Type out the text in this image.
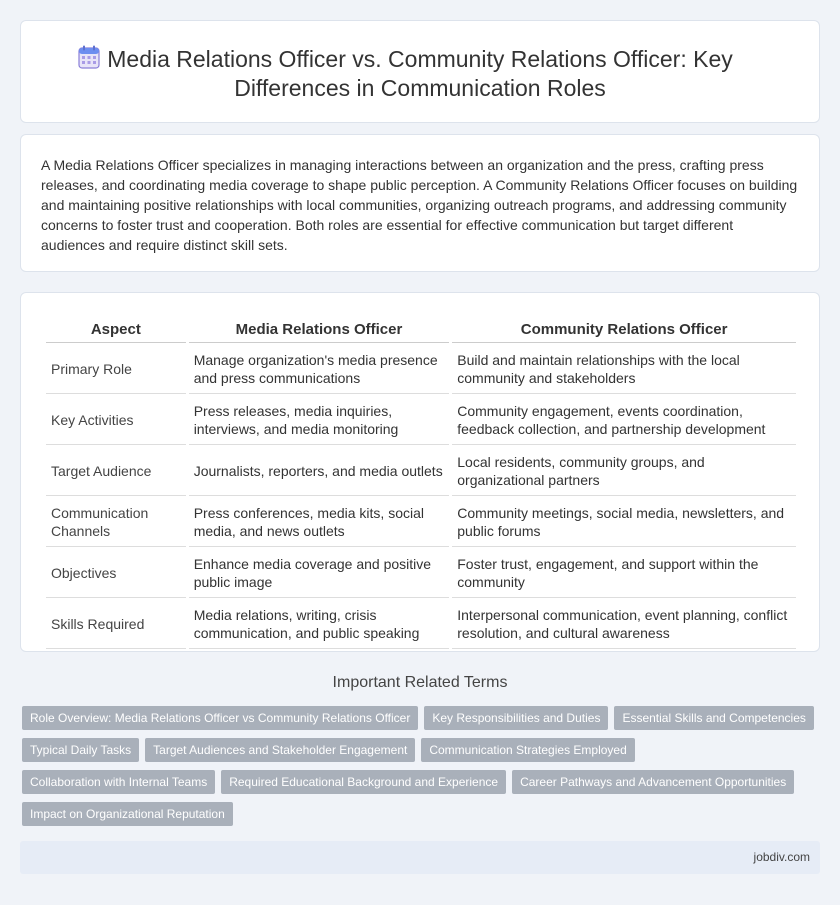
Media Relations Officer vs. Community Relations Officer: Key Differences in Communication Roles

A Media Relations Officer specializes in managing interactions between an organization and the press, crafting press releases, and coordinating media coverage to shape public perception. A Community Relations Officer focuses on building and maintaining positive relationships with local communities, organizing outreach programs, and addressing community concerns to foster trust and cooperation. Both roles are essential for effective communication but target different audiences and require distinct skill sets.

Aspect	Media Relations Officer	Community Relations Officer
Primary Role	Manage organization's media presence and press communications	Build and maintain relationships with the local community and stakeholders
Key Activities	Press releases, media inquiries, interviews, and media monitoring	Community engagement, events coordination, feedback collection, and partnership development
Target Audience	Journalists, reporters, and media outlets	Local residents, community groups, and organizational partners
Communication Channels	Press conferences, media kits, social media, and news outlets	Community meetings, social media, newsletters, and public forums
Objectives	Enhance media coverage and positive public image	Foster trust, engagement, and support within the community
Skills Required	Media relations, writing, crisis communication, and public speaking	Interpersonal communication, event planning, conflict resolution, and cultural awareness
Important Related Terms
Role Overview: Media Relations Officer vs Community Relations Officer	Key Responsibilities and Duties	Essential Skills and Competencies
Typical Daily Tasks	Target Audiences and Stakeholder Engagement	Communication Strategies Employed
Collaboration with Internal Teams	Required Educational Background and Experience	Career Pathways and Advancement Opportunities
Impact on Organizational Reputation
jobdiv.com
